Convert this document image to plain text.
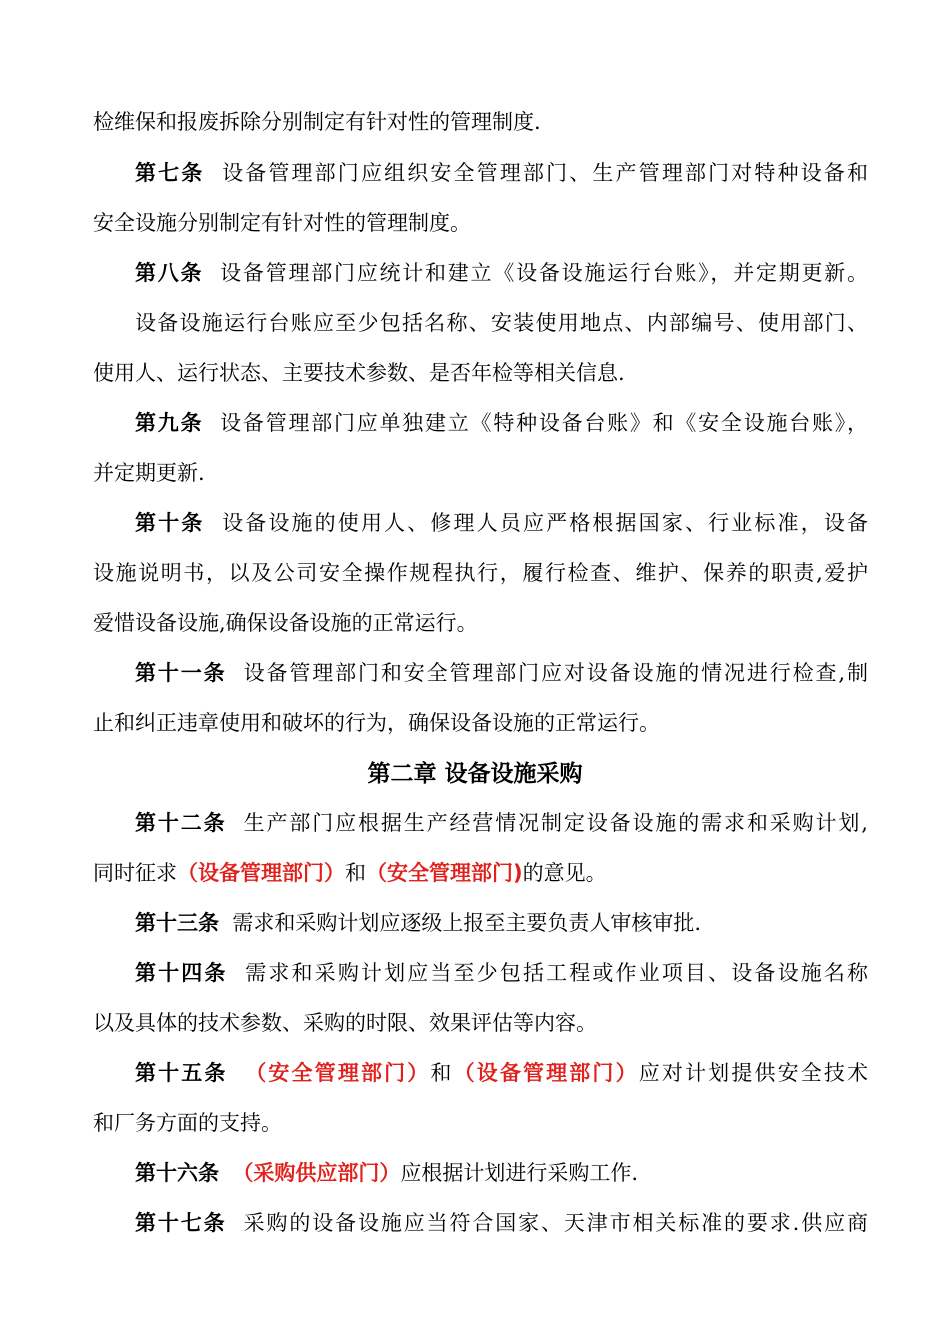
检维保和报废拆除分别制定有针对性的管理制度.
第七条 设备管理部门应组织安全管理部门、生产管理部门对特种设备和
安全设施分别制定有针对性的管理制度。
第八条 设备管理部门应统计和建立《设备设施运行台账》，并定期更新。
设备设施运行台账应至少包括名称、安装使用地点、内部编号、使用部门、
使用人、运行状态、主要技术参数、是否年检等相关信息.
第九条 设备管理部门应单独建立《特种设备台账》和《安全设施台账》，
并定期更新.
第十条 设备设施的使用人、修理人员应严格根据国家、行业标准，设备
设施说明书，以及公司安全操作规程执行，履行检查、维护、保养的职责,爱护
爱惜设备设施,确保设备设施的正常运行。
第十一条 设备管理部门和安全管理部门应对设备设施的情况进行检查,制
止和纠正违章使用和破坏的行为，确保设备设施的正常运行。
第二章 设备设施采购
第十二条 生产部门应根据生产经营情况制定设备设施的需求和采购计划,
同时征求（设备管理部门）和（安全管理部门)的意见。
第十三条 需求和采购计划应逐级上报至主要负责人审核审批.
第十四条 需求和采购计划应当至少包括工程或作业项目、设备设施名称
以及具体的技术参数、采购的时限、效果评估等内容。
第十五条 （安全管理部门）和（设备管理部门）应对计划提供安全技术
和厂务方面的支持。
第十六条 （采购供应部门）应根据计划进行采购工作.
第十七条 采购的设备设施应当符合国家、天津市相关标准的要求.供应商
